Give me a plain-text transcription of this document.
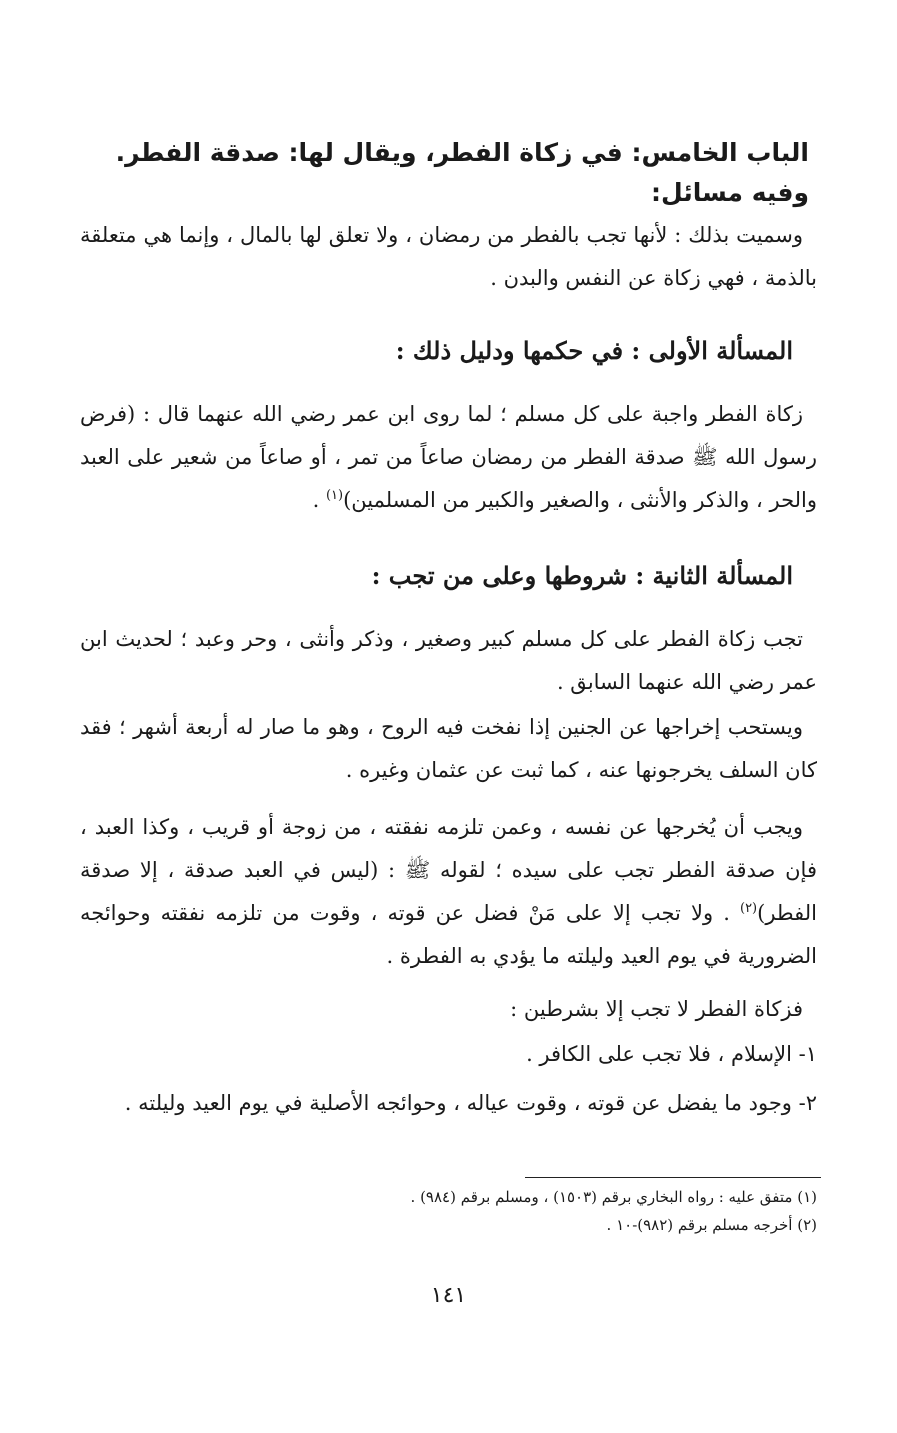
الباب الخامس: في زكاة الفطر، ويقال لها: صدقة الفطر. وفيه مسائل:

وسميت بذلك : لأنها تجب بالفطر من رمضان ، ولا تعلق لها بالمال ، وإنما هي متعلقة بالذمة ، فهي زكاة عن النفس والبدن .

المسألة الأولى : في حكمها ودليل ذلك :

زكاة الفطر واجبة على كل مسلم ؛ لما روى ابن عمر رضي الله عنهما قال : (فرض رسول الله ﷺ صدقة الفطر من رمضان صاعاً من تمر ، أو صاعاً من شعير على العبد والحر ، والذكر والأنثى ، والصغير والكبير من المسلمين)$^{(١)}$ .

المسألة الثانية : شروطها وعلى من تجب :

تجب زكاة الفطر على كل مسلم كبير وصغير ، وذكر وأنثى ، وحر وعبد ؛ لحديث ابن عمر رضي الله عنهما السابق .

ويستحب إخراجها عن الجنين إذا نفخت فيه الروح ، وهو ما صار له أربعة أشهر ؛ فقد كان السلف يخرجونها عنه ، كما ثبت عن عثمان وغيره .

ويجب أن يُخرجها عن نفسه ، وعمن تلزمه نفقته ، من زوجة أو قريب ، وكذا العبد ، فإن صدقة الفطر تجب على سيده ؛ لقوله ﷺ : (ليس في العبد صدقة ، إلا صدقة الفطر)$^{(٢)}$ . ولا تجب إلا على مَنْ فضل عن قوته ، وقوت من تلزمه نفقته وحوائجه الضرورية في يوم العيد وليلته ما يؤدي به الفطرة .

فزكاة الفطر لا تجب إلا بشرطين :

١- الإسلام ، فلا تجب على الكافر .

٢- وجود ما يفضل عن قوته ، وقوت عياله ، وحوائجه الأصلية في يوم العيد وليلته .

(١) متفق عليه : رواه البخاري برقم (١٥٠٣) ، ومسلم برقم (٩٨٤) .

(٢) أخرجه مسلم برقم (٩٨٢)-١٠ .

١٤١
